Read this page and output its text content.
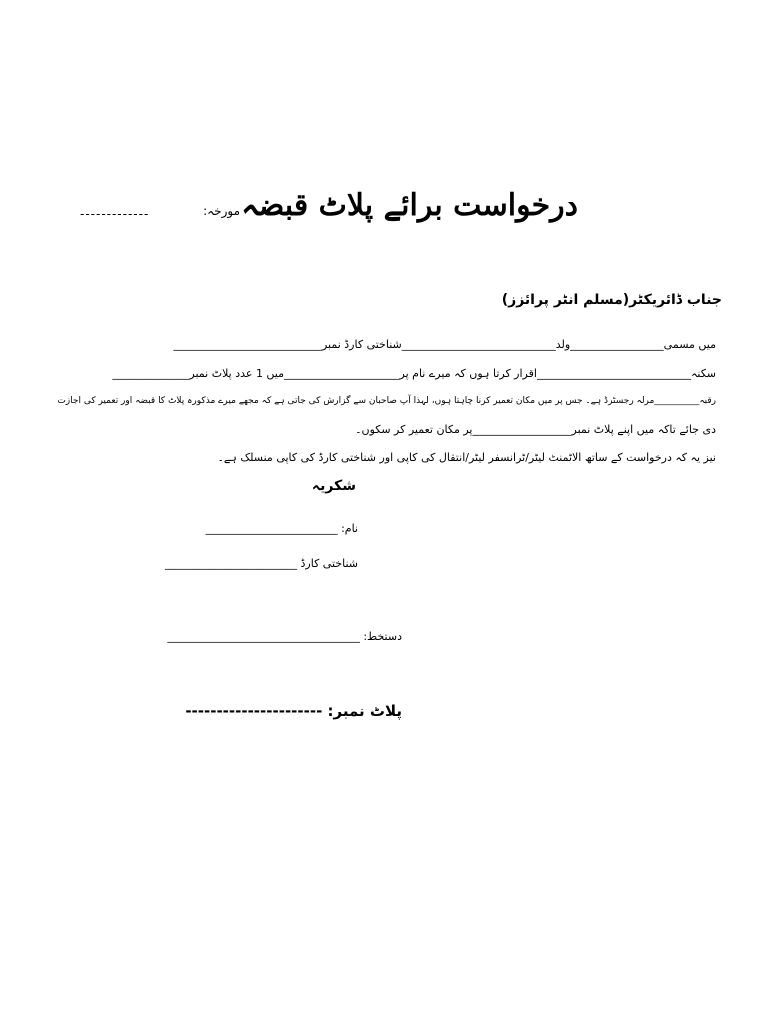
درخواست برائے پلاٹ قبضہ
مورخہ:
-------------
جناب ڈائریکٹر(مسلم انٹر پرائزز)
میں مسمی_________________ولد____________________________شناختی کارڈ نمبر___________________________
سکنہ____________________________اقرار کرتا ہوں کہ میرے نام پر_____________________میں 1 عدد پلاٹ نمبر______________
رقبہ__________مرلہ رجسٹرڈ ہے۔ جس پر میں مکان تعمیر کرنا چاہتا ہوں، لہذا آپ صاحبان سے گزارش کی جاتی ہے کہ مجھے میرے مذکورہ پلاٹ کا قبضہ اور تعمیر کی اجازت
دی جائے تاکہ میں اپنے پلاٹ نمبر__________________پر مکان تعمیر کر سکوں۔
نیز یہ کہ درخواست کے ساتھ الاٹمنٹ لیٹر/ٹرانسفر لیٹر/انتقال کی کاپی اور شناختی کارڈ کی کاپی منسلک ہے۔
شکریہ
نام: ________________________
شناختی کارڈ ________________________
دستخط: ___________________________________
پلاٹ نمبر: ----------------------
